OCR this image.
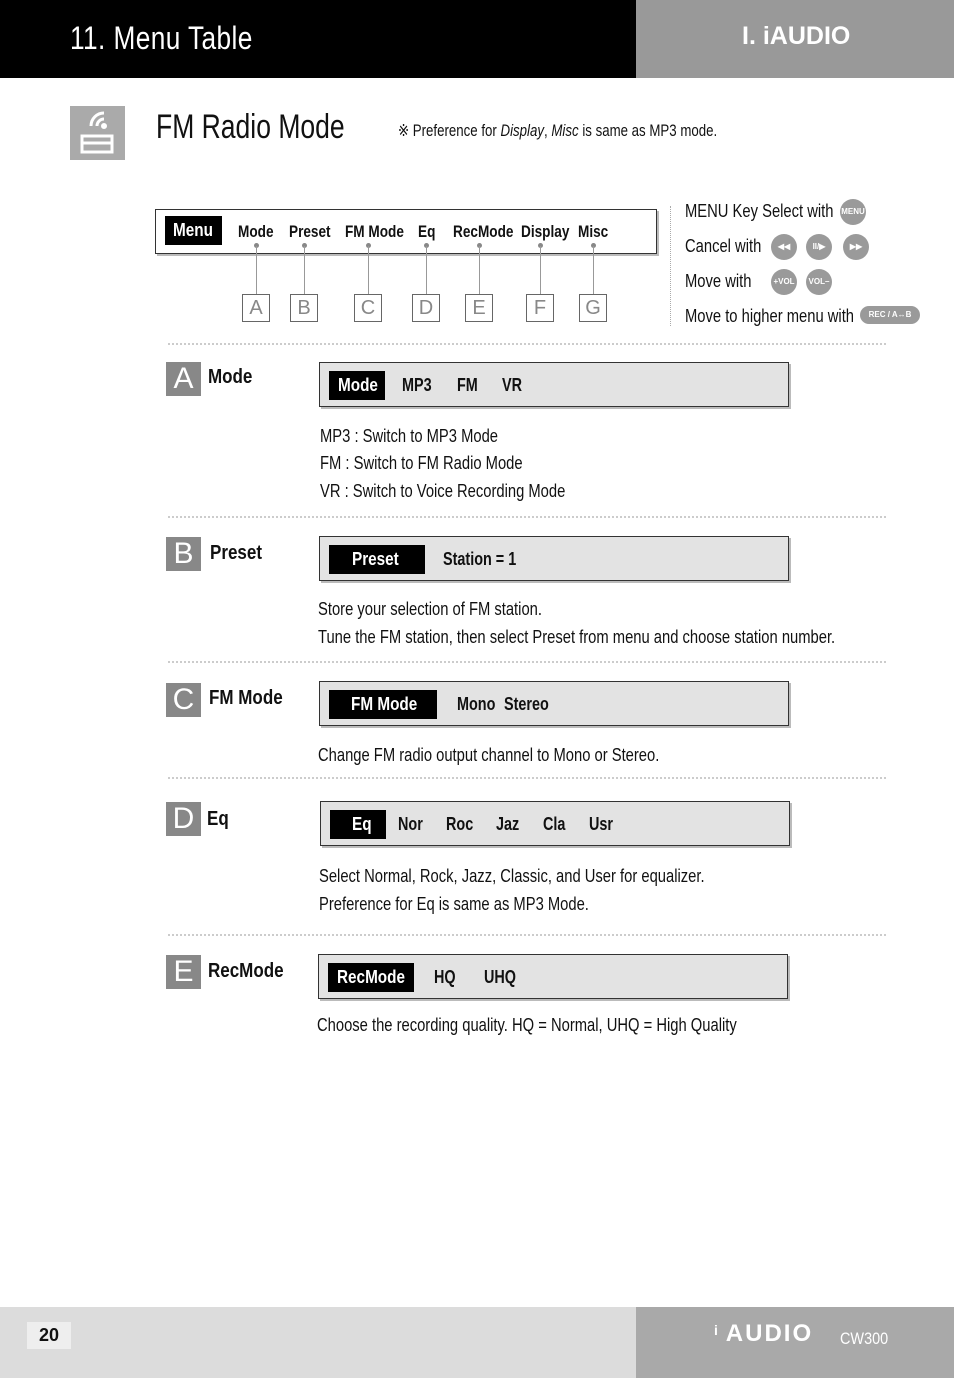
11. Menu Table	I. iAUDIO
FM Radio Mode	※ Preference for Display, Misc is same as MP3 mode.
Menu Mode Preset FM Mode Eq RecMode Display Misc
A	B	C	D	E	F	G
MENU Key Select with MENU
Cancel with	◀◀	II/▶	▶▶
Move with	+VOL	VOL–
Move to higher menu with	REC / A↔B
A Mode	Mode MP3 FM VR
MP3 : Switch to MP3 Mode
FM : Switch to FM Radio Mode
VR : Switch to Voice Recording Mode
B Preset	Preset Station = 1
Store your selection of FM station.
Tune the FM station, then select Preset from menu and choose station number.
C FM Mode	FM Mode Mono Stereo
Change FM radio output channel to Mono or Stereo.
D Eq	Eq Nor Roc Jaz Cla Usr
Select Normal, Rock, Jazz, Classic, and User for equalizer.
Preference for Eq is same as MP3 Mode.
E RecMode	RecMode HQ UHQ
Choose the recording quality. HQ = Normal, UHQ = High Quality
20	$^i$ AUDIO CW300
